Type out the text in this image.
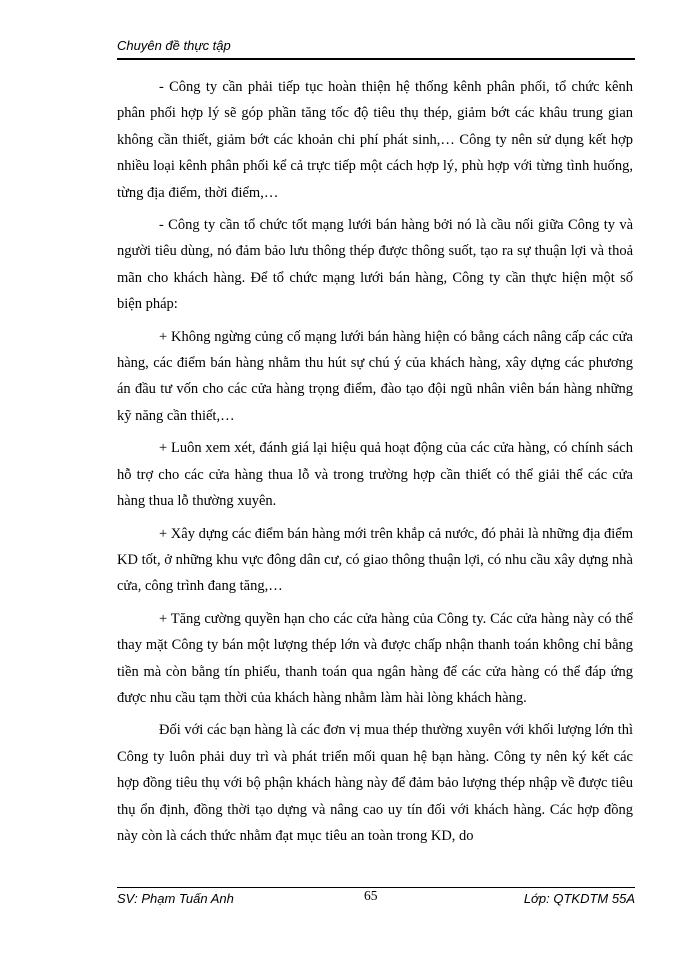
Chuyên đề thực tập

- Công ty cần phải tiếp tục hoàn thiện hệ thống kênh phân phối, tổ chức kênh phân phối hợp lý sẽ góp phần tăng tốc độ tiêu thụ thép, giảm bớt các khâu trung gian không cần thiết, giảm bớt các khoản chi phí phát sinh,… Công ty nên sử dụng kết hợp nhiều loại kênh phân phối kể cả trực tiếp một cách hợp lý, phù hợp với từng tình huống, từng địa điểm, thời điểm,…

- Công ty cần tổ chức tốt mạng lưới bán hàng bởi nó là cầu nối giữa Công ty và người tiêu dùng, nó đảm bảo lưu thông thép được thông suốt, tạo ra sự thuận lợi và thoả mãn cho khách hàng. Để tổ chức mạng lưới bán hàng, Công ty cần thực hiện một số biện pháp:

+ Không ngừng củng cố mạng lưới bán hàng hiện có bằng cách nâng cấp các cửa hàng, các điểm bán hàng nhằm thu hút sự chú ý của khách hàng, xây dựng các phương án đầu tư vốn cho các cửa hàng trọng điểm, đào tạo đội ngũ nhân viên bán hàng những kỹ năng cần thiết,…

+ Luôn xem xét, đánh giá lại hiệu quả hoạt động của các cửa hàng, có chính sách hỗ trợ cho các cửa hàng thua lỗ và trong trường hợp cần thiết có thể giải thể các cửa hàng thua lỗ thường xuyên.

+ Xây dựng các điểm bán hàng mới trên khắp cả nước, đó phải là những địa điểm KD tốt, ở những khu vực đông dân cư, có giao thông thuận lợi, có nhu cầu xây dựng nhà cửa, công trình đang tăng,…

+ Tăng cường quyền hạn cho các cửa hàng của Công ty. Các cửa hàng này có thể thay mặt Công ty bán một lượng thép lớn và được chấp nhận thanh toán không chỉ bằng tiền mà còn bằng tín phiếu, thanh toán qua ngân hàng để các cửa hàng có thể đáp ứng được nhu cầu tạm thời của khách hàng nhằm làm hài lòng khách hàng.

Đối với các bạn hàng là các đơn vị mua thép thường xuyên với khối lượng lớn thì Công ty luôn phải duy trì và phát triển mối quan hệ bạn hàng. Công ty nên ký kết các hợp đồng tiêu thụ với bộ phận khách hàng này để đảm bảo lượng thép nhập về được tiêu thụ ổn định, đồng thời tạo dựng và nâng cao uy tín đối với khách hàng. Các hợp đồng này còn là cách thức nhằm đạt mục tiêu an toàn trong KD, do

SV: Phạm Tuấn Anh	65	Lớp: QTKDTM 55A
